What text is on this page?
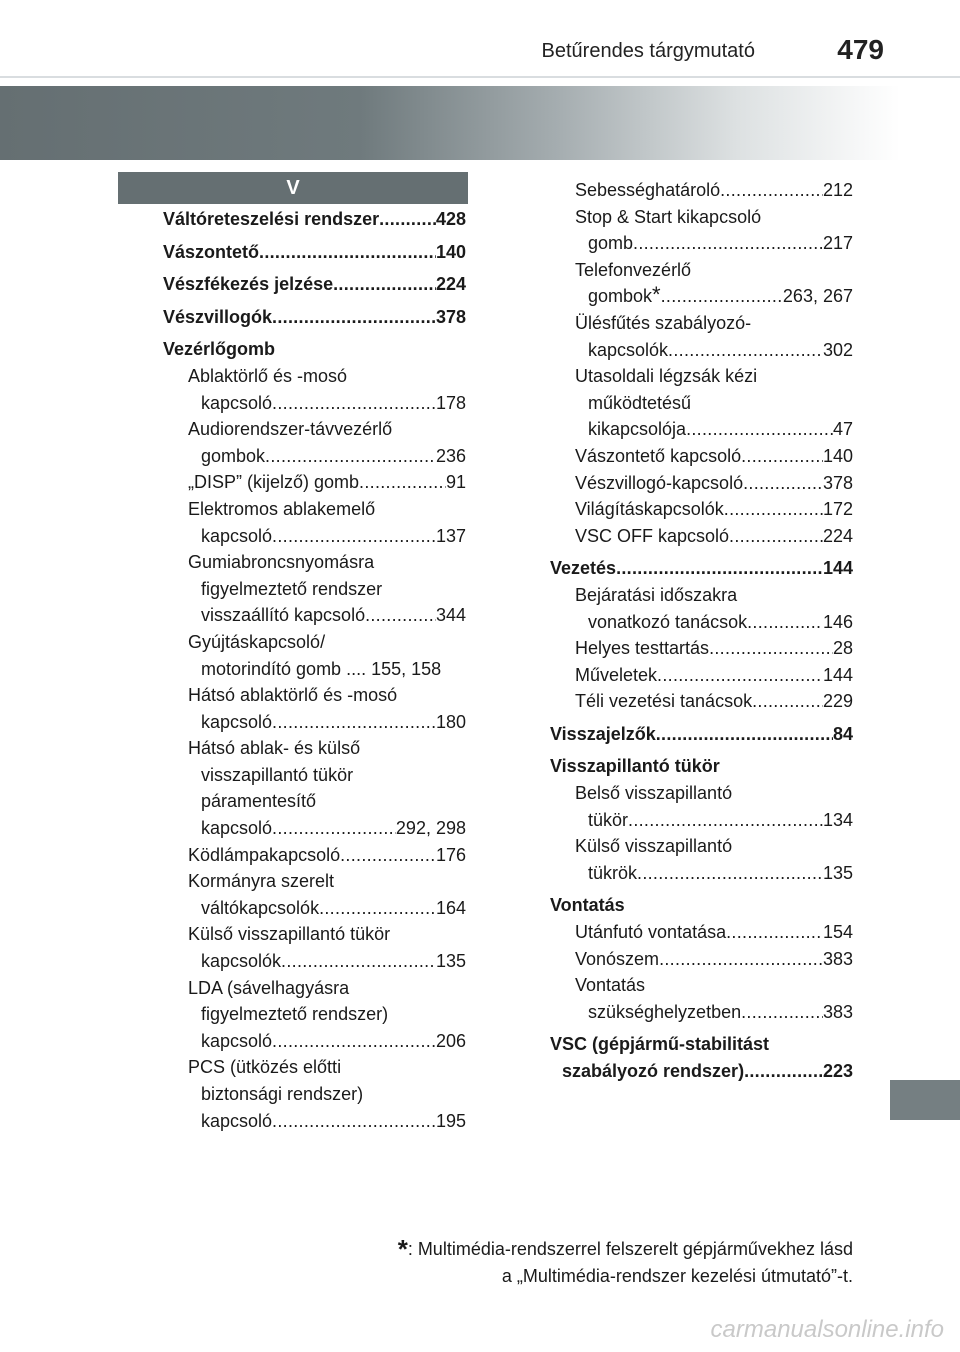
Betűrendes tárgymutató	479
V
Váltóreteszelési rendszer .....	428
Vászontető .....	140
Vészfékezés jelzése .....	224
Vészvillogók .....	378
Vezérlőgomb
Ablaktörlő és -mosó
kapcsoló .....	178
Audiorendszer-távvezérlő
gombok .....	236
„DISP” (kijelző) gomb .....	91
Elektromos ablakemelő
kapcsoló .....	137
Gumiabroncsnyomásra
figyelmeztető rendszer
visszaállító kapcsoló .....	344
Gyújtáskapcsoló/
motorindító gomb .... 155, 158
Hátsó ablaktörlő és -mosó
kapcsoló .....	180
Hátsó ablak- és külső
visszapillantó tükör
páramentesítő
kapcsoló .....	292, 298
Ködlámpakapcsoló .....	176
Kormányra szerelt
váltókapcsolók .....	164
Külső visszapillantó tükör
kapcsolók .....	135
LDA (sávelhagyásra
figyelmeztető rendszer)
kapcsoló .....	206
PCS (ütközés előtti
biztonsági rendszer)
kapcsoló .....	195
Sebességhatároló .....	212
Stop & Start kikapcsoló
gomb .....	217
Telefonvezérlő
gombok * .....	263, 267
Ülésfűtés szabályozó-
kapcsolók .....	302
Utasoldali légzsák kézi
működtetésű
kikapcsolója .....	47
Vászontető kapcsoló .....	140
Vészvillogó-kapcsoló .....	378
Világításkapcsolók .....	172
VSC OFF kapcsoló .....	224
Vezetés .....	144
Bejáratási időszakra
vonatkozó tanácsok .....	146
Helyes testtartás .....	28
Műveletek .....	144
Téli vezetési tanácsok .....	229
Visszajelzők .....	84
Visszapillantó tükör
Belső visszapillantó
tükör .....	134
Külső visszapillantó
tükrök .....	135
Vontatás
Utánfutó vontatása .....	154
Vonószem .....	383
Vontatás
szükséghelyzetben .....	383
VSC (gépjármű-stabilitást
szabályozó rendszer) .....	223
*: Multimédia-rendszerrel felszerelt gépjárművekhez lásd
a „Multimédia-rendszer kezelési útmutató”-t.
carmanualsonline.info
